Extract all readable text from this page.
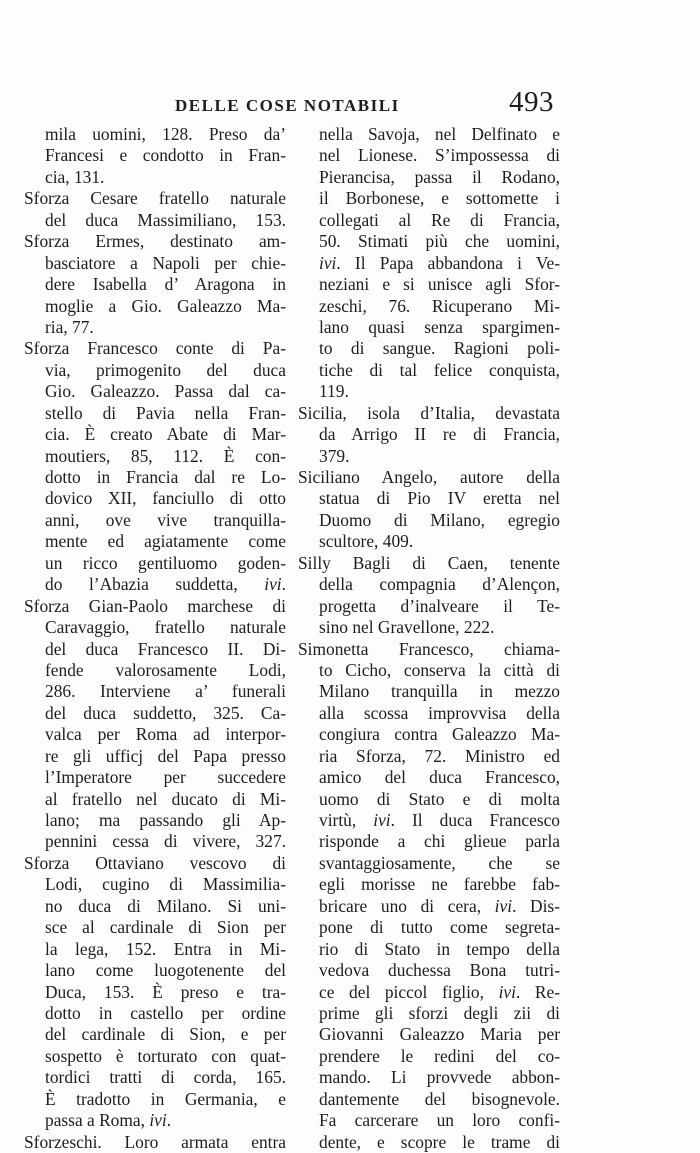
DELLE COSE NOTABILI	493
mila uomini, 128. Preso da’
Francesi e condotto in Fran-
cia, 131.
Sforza Cesare fratello naturale
del duca Massimiliano, 153.
Sforza Ermes, destinato am-
basciatore a Napoli per chie-
dere Isabella d’ Aragona in
moglie a Gio. Galeazzo Ma-
ria, 77.
Sforza Francesco conte di Pa-
via, primogenito del duca
Gio. Galeazzo. Passa dal ca-
stello di Pavia nella Fran-
cia. È creato Abate di Mar-
moutiers, 85, 112. È con-
dotto in Francia dal re Lo-
dovico XII, fanciullo di otto
anni, ove vive tranquilla-
mente ed agiatamente come
un ricco gentiluomo goden-
do l’Abazia suddetta, ivi.
Sforza Gian-Paolo marchese di
Caravaggio, fratello naturale
del duca Francesco II. Di-
fende valorosamente Lodi,
286. Interviene a’ funerali
del duca suddetto, 325. Ca-
valca per Roma ad interpor-
re gli ufficj del Papa presso
l’Imperatore per succedere
al fratello nel ducato di Mi-
lano; ma passando gli Ap-
pennini cessa di vivere, 327.
Sforza Ottaviano vescovo di
Lodi, cugino di Massimilia-
no duca di Milano. Si uni-
sce al cardinale di Sion per
la lega, 152. Entra in Mi-
lano come luogotenente del
Duca, 153. È preso e tra-
dotto in castello per ordine
del cardinale di Sion, e per
sospetto è torturato con quat-
tordici tratti di corda, 165.
È tradotto in Germania, e
passa a Roma, ivi.
Sforzeschi. Loro armata entra
nella Savoja, nel Delfinato e
nel Lionese. S’impossessa di
Pierancisa, passa il Rodano,
il Borbonese, e sottomette i
collegati al Re di Francia,
50. Stimati più che uomini,
ivi. Il Papa abbandona i Ve-
neziani e si unisce agli Sfor-
zeschi, 76. Ricuperano Mi-
lano quasi senza spargimen-
to di sangue. Ragioni poli-
tiche di tal felice conquista,
119.
Sicilia, isola d’Italia, devastata
da Arrigo II re di Francia,
379.
Siciliano Angelo, autore della
statua di Pio IV eretta nel
Duomo di Milano, egregio
scultore, 409.
Silly Bagli di Caen, tenente
della compagnia d’Alençon,
progetta d’inalveare il Te-
sino nel Gravellone, 222.
Simonetta Francesco, chiama-
to Cicho, conserva la città di
Milano tranquilla in mezzo
alla scossa improvvisa della
congiura contra Galeazzo Ma-
ria Sforza, 72. Ministro ed
amico del duca Francesco,
uomo di Stato e di molta
virtù, ivi. Il duca Francesco
risponde a chi glieue parla
svantaggiosamente, che se
egli morisse ne farebbe fab-
bricare uno di cera, ivi. Dis-
pone di tutto come segreta-
rio di Stato in tempo della
vedova duchessa Bona tutri-
ce del piccol figlio, ivi. Re-
prime gli sforzi degli zii di
Giovanni Galeazzo Maria per
prendere le redini del co-
mando. Li provvede abbon-
dantemente del bisognevole.
Fa carcerare un loro confi-
dente, e scopre le trame di
